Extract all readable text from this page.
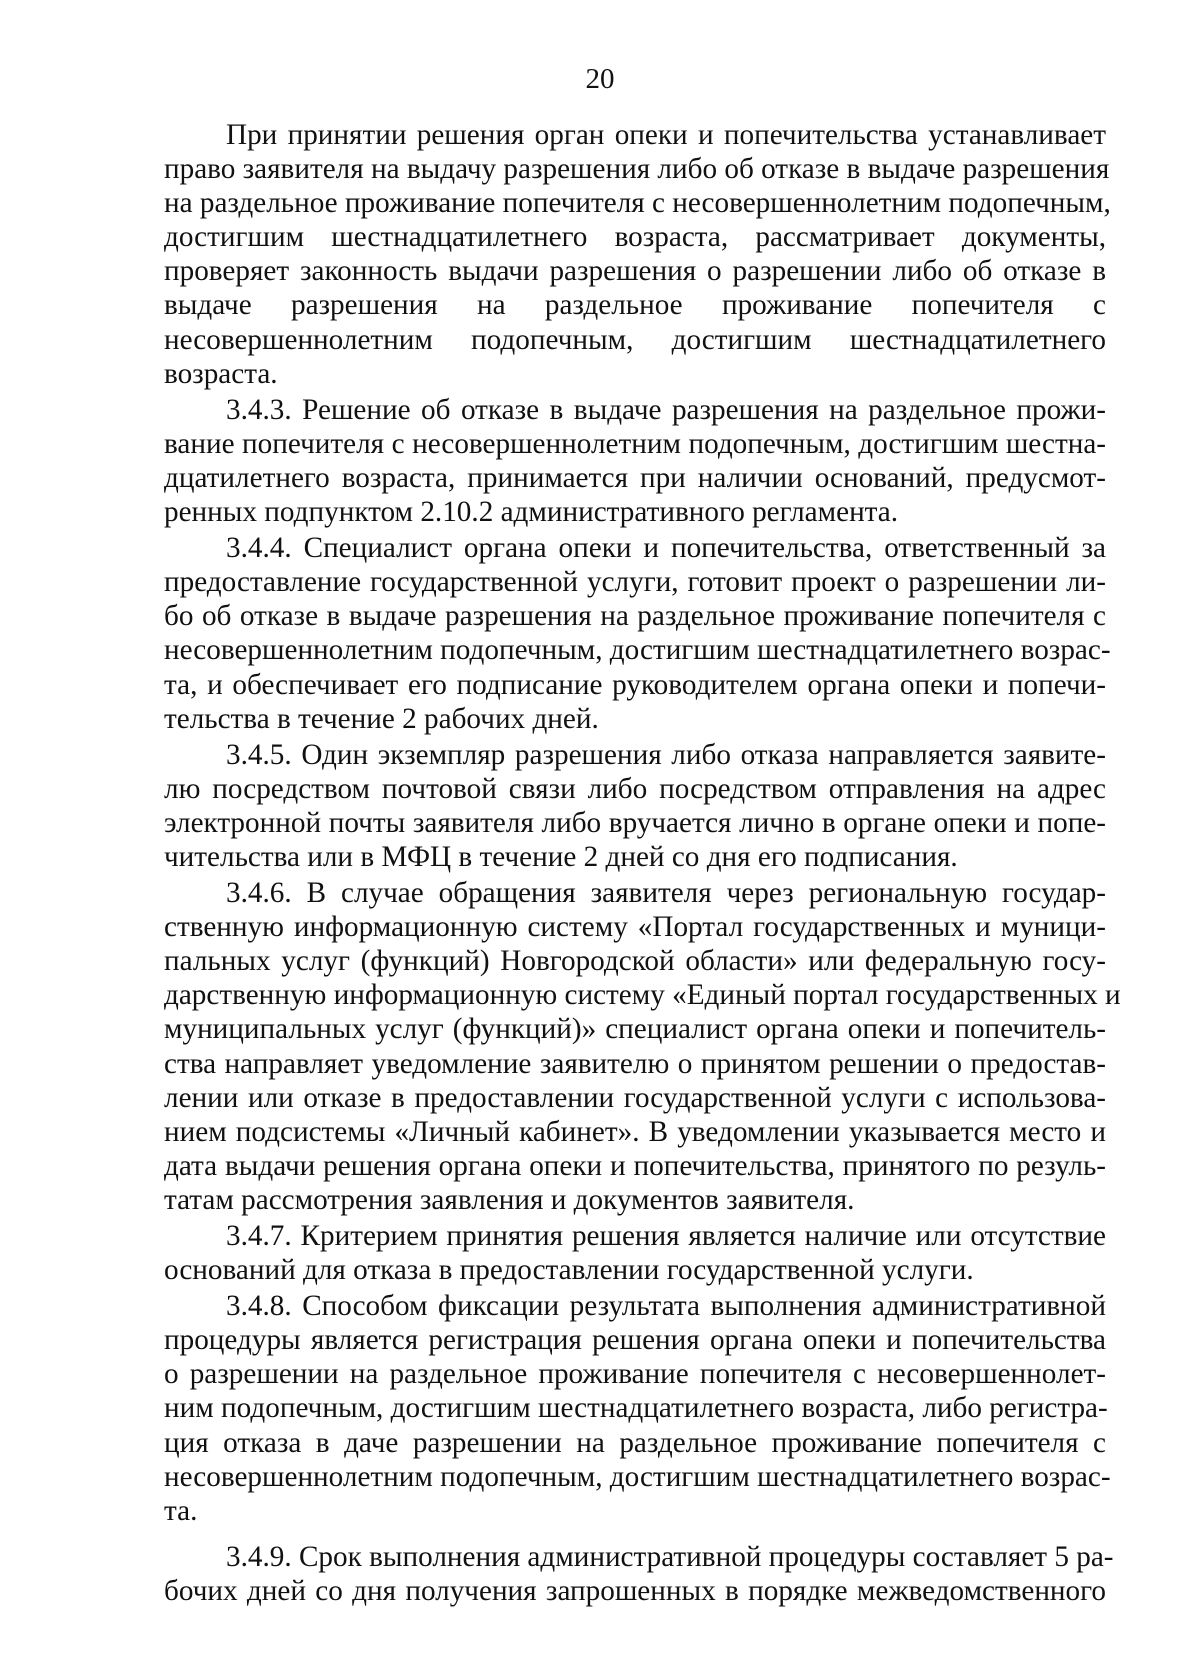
20

При принятии решения орган опеки и попечительства устанавливает
право заявителя на выдачу разрешения либо об отказе в выдаче разрешения
на раздельное проживание попечителя с несовершеннолетним подопечным,
достигшим шестнадцатилетнего возраста, рассматривает документы,
проверяет законность выдачи разрешения о разрешении либо об отказе в
выдаче разрешения на раздельное проживание попечителя с
несовершеннолетним подопечным, достигшим шестнадцатилетнего
возраста.

3.4.3. Решение об отказе в выдаче разрешения на раздельное прожи-
вание попечителя с несовершеннолетним подопечным, достигшим шестна-
дцатилетнего возраста, принимается при наличии оснований, предусмот-
ренных подпунктом 2.10.2 административного регламента.

3.4.4. Специалист органа опеки и попечительства, ответственный за
предоставление государственной услуги, готовит проект о разрешении ли-
бо об отказе в выдаче разрешения на раздельное проживание попечителя с
несовершеннолетним подопечным, достигшим шестнадцатилетнего возрас-
та, и обеспечивает его подписание руководителем органа опеки и попечи-
тельства в течение 2 рабочих дней.

3.4.5. Один экземпляр разрешения либо отказа направляется заявите-
лю посредством почтовой связи либо посредством отправления на адрес
электронной почты заявителя либо вручается лично в органе опеки и попе-
чительства или в МФЦ в течение 2 дней со дня его подписания.

3.4.6. В случае обращения заявителя через региональную государ-
ственную информационную систему «Портал государственных и муници-
пальных услуг (функций) Новгородской области» или федеральную госу-
дарственную информационную систему «Единый портал государственных и
муниципальных услуг (функций)» специалист органа опеки и попечитель-
ства направляет уведомление заявителю о принятом решении о предостав-
лении или отказе в предоставлении государственной услуги с использова-
нием подсистемы «Личный кабинет». В уведомлении указывается место и
дата выдачи решения органа опеки и попечительства, принятого по резуль-
татам рассмотрения заявления и документов заявителя.

3.4.7. Критерием принятия решения является наличие или отсутствие
оснований для отказа в предоставлении государственной услуги.

3.4.8. Способом фиксации результата выполнения административной
процедуры является регистрация решения органа опеки и попечительства
о разрешении на раздельное проживание попечителя с несовершеннолет-
ним подопечным, достигшим шестнадцатилетнего возраста, либо регистра-
ция отказа в даче разрешении на раздельное проживание попечителя с
несовершеннолетним подопечным, достигшим шестнадцатилетнего возрас-
та.

3.4.9. Срок выполнения административной процедуры составляет 5 ра-
бочих дней со дня получения запрошенных в порядке межведомственного
